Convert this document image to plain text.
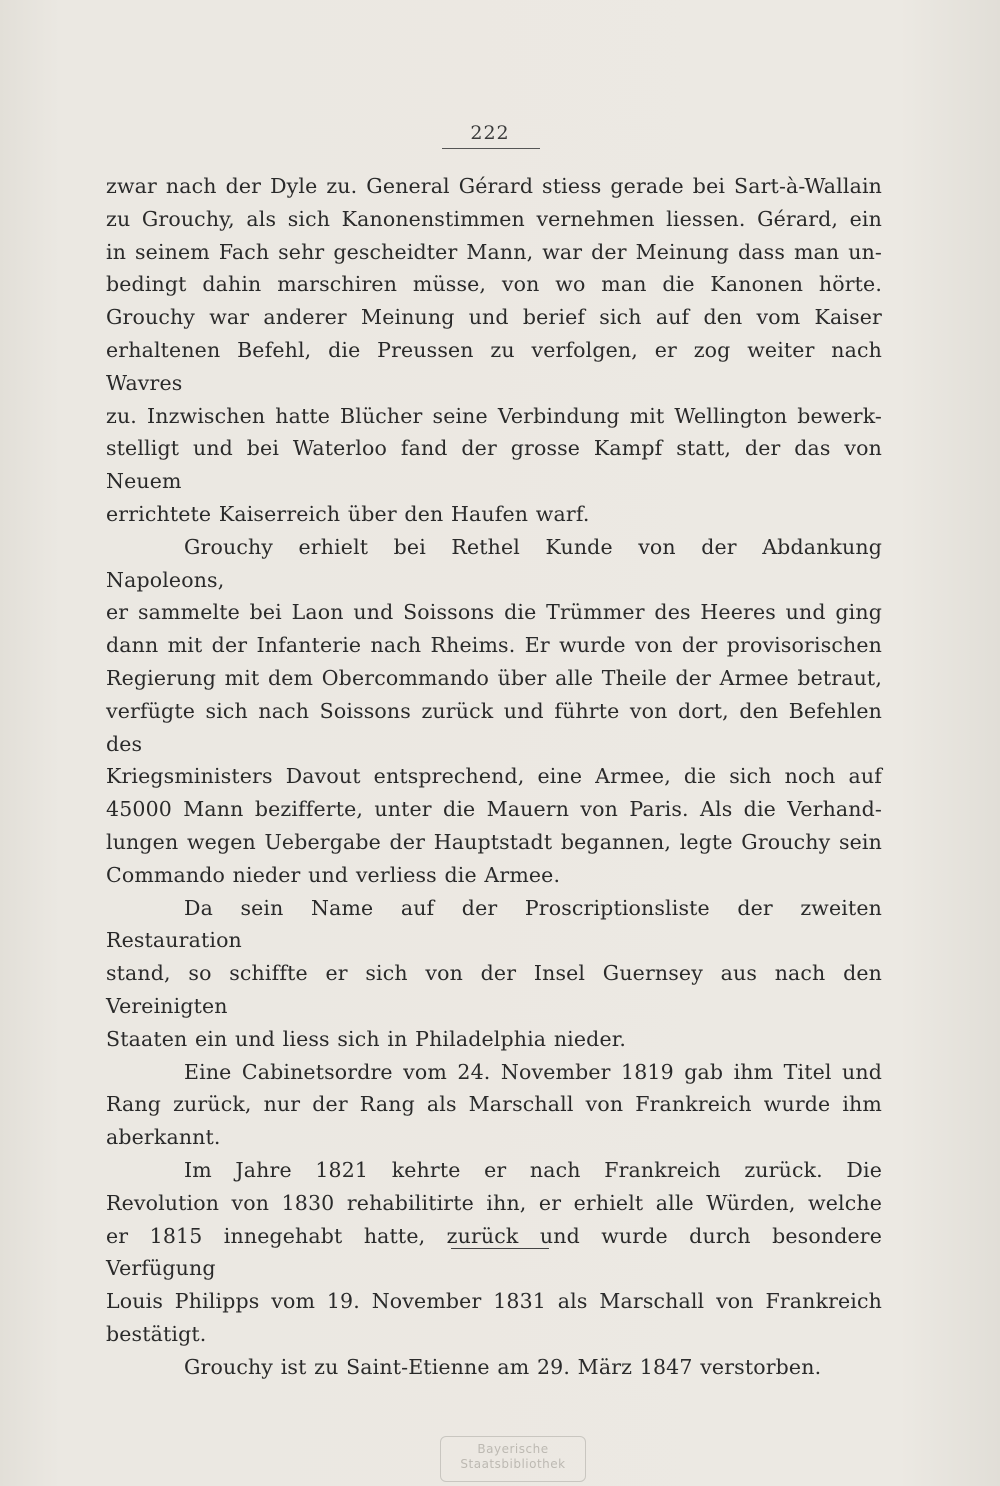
222

zwar nach der Dyle zu. General Gérard stiess gerade bei Sart-à-Wallain

zu Grouchy, als sich Kanonenstimmen vernehmen liessen. Gérard, ein

in seinem Fach sehr gescheidter Mann, war der Meinung dass man un-

bedingt dahin marschiren müsse, von wo man die Kanonen hörte.

Grouchy war anderer Meinung und berief sich auf den vom Kaiser

erhaltenen Befehl, die Preussen zu verfolgen, er zog weiter nach Wavres

zu. Inzwischen hatte Blücher seine Verbindung mit Wellington bewerk-

stelligt und bei Waterloo fand der grosse Kampf statt, der das von Neuem

errichtete Kaiserreich über den Haufen warf.

Grouchy erhielt bei Rethel Kunde von der Abdankung Napoleons,

er sammelte bei Laon und Soissons die Trümmer des Heeres und ging

dann mit der Infanterie nach Rheims. Er wurde von der provisorischen

Regierung mit dem Obercommando über alle Theile der Armee betraut,

verfügte sich nach Soissons zurück und führte von dort, den Befehlen des

Kriegsministers Davout entsprechend, eine Armee, die sich noch auf

45000 Mann bezifferte, unter die Mauern von Paris. Als die Verhand-

lungen wegen Uebergabe der Hauptstadt begannen, legte Grouchy sein

Commando nieder und verliess die Armee.

Da sein Name auf der Proscriptionsliste der zweiten Restauration

stand, so schiffte er sich von der Insel Guernsey aus nach den Vereinigten

Staaten ein und liess sich in Philadelphia nieder.

Eine Cabinetsordre vom 24. November 1819 gab ihm Titel und

Rang zurück, nur der Rang als Marschall von Frankreich wurde ihm

aberkannt.

Im Jahre 1821 kehrte er nach Frankreich zurück. Die

Revolution von 1830 rehabilitirte ihn, er erhielt alle Würden, welche

er 1815 innegehabt hatte, zurück und wurde durch besondere Verfügung

Louis Philipps vom 19. November 1831 als Marschall von Frankreich

bestätigt.

Grouchy ist zu Saint-Etienne am 29. März 1847 verstorben.

Bayerische
Staatsbibliothek
